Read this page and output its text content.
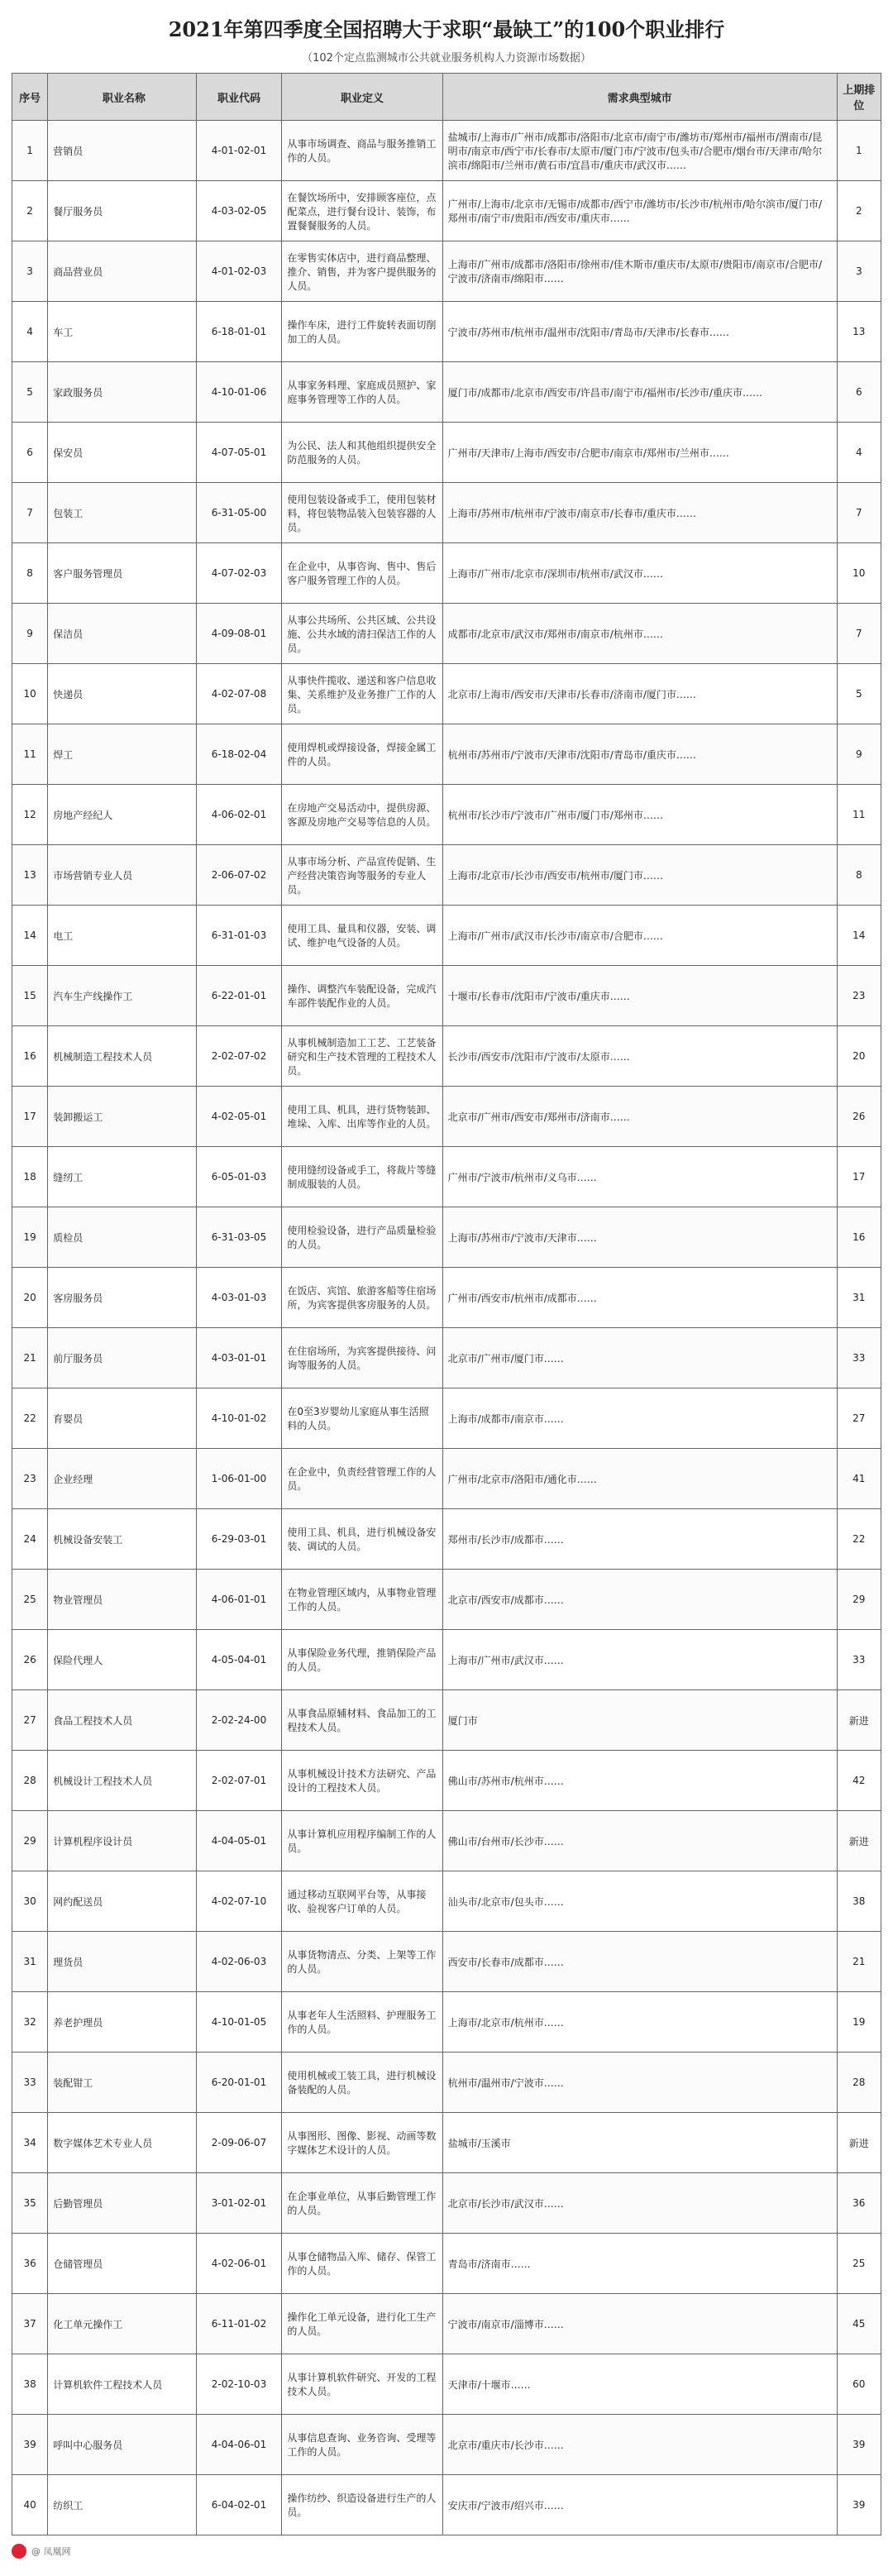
2021年第四季度全国招聘大于求职“最缺工”的100个职业排行
（102个定点监测城市公共就业服务机构人力资源市场数据）
序号	职业名称	职业代码	职业定义	需求典型城市	上期排位
1	营销员	4-01-02-01	从事市场调查、商品与服务推销工作的人员。	盐城市/上海市/广州市/成都市/洛阳市/北京市/南宁市/潍坊市/郑州市/福州市/渭南市/昆明市/南京市/西宁市/长春市/太原市/厦门市/宁波市/包头市/合肥市/烟台市/天津市/哈尔滨市/绵阳市/兰州市/黄石市/宜昌市/重庆市/武汉市……	1
2	餐厅服务员	4-03-02-05	在餐饮场所中，安排顾客座位，点配菜点，进行餐台设计、装饰，布置餐餐服务的人员。	广州市/上海市/北京市/无锡市/成都市/西宁市/潍坊市/长沙市/杭州市/哈尔滨市/厦门市/郑州市/南宁市/贵阳市/西安市/重庆市……	2
3	商品营业员	4-01-02-03	在零售实体店中，进行商品整理、推介、销售，并为客户提供服务的人员。	上海市/广州市/成都市/洛阳市/徐州市/佳木斯市/重庆市/太原市/贵阳市/南京市/合肥市/宁波市/济南市/绵阳市……	3
4	车工	6-18-01-01	操作车床，进行工件旋转表面切削加工的人员。	宁波市/苏州市/杭州市/温州市/沈阳市/青岛市/天津市/长春市……	13
5	家政服务员	4-10-01-06	从事家务料理、家庭成员照护、家庭事务管理等工作的人员。	厦门市/成都市/北京市/西安市/许昌市/南宁市/福州市/长沙市/重庆市……	6
6	保安员	4-07-05-01	为公民、法人和其他组织提供安全防范服务的人员。	广州市/天津市/上海市/西安市/合肥市/南京市/郑州市/兰州市……	4
7	包装工	6-31-05-00	使用包装设备或手工，使用包装材料，将包装物品装入包装容器的人员。	上海市/苏州市/杭州市/宁波市/南京市/长春市/重庆市……	7
8	客户服务管理员	4-07-02-03	在企业中，从事咨询、售中、售后客户服务管理工作的人员。	上海市/广州市/北京市/深圳市/杭州市/武汉市……	10
9	保洁员	4-09-08-01	从事公共场所、公共区域、公共设施、公共水域的清扫保洁工作的人员。	成都市/北京市/武汉市/郑州市/南京市/杭州市……	7
10	快递员	4-02-07-08	从事快件揽收、递送和客户信息收集、关系维护及业务推广工作的人员。	北京市/上海市/西安市/天津市/长春市/济南市/厦门市……	5
11	焊工	6-18-02-04	使用焊机或焊接设备，焊接金属工件的人员。	杭州市/苏州市/宁波市/天津市/沈阳市/青岛市/重庆市……	9
12	房地产经纪人	4-06-02-01	在房地产交易活动中，提供房源、客源及房地产交易等信息的人员。	杭州市/长沙市/宁波市/广州市/厦门市/郑州市……	11
13	市场营销专业人员	2-06-07-02	从事市场分析、产品宣传促销、生产经营决策咨询等服务的专业人员。	上海市/北京市/长沙市/西安市/杭州市/厦门市……	8
14	电工	6-31-01-03	使用工具、量具和仪器，安装、调试、维护电气设备的人员。	上海市/广州市/武汉市/长沙市/南京市/合肥市……	14
15	汽车生产线操作工	6-22-01-01	操作、调整汽车装配设备，完成汽车部件装配作业的人员。	十堰市/长春市/沈阳市/宁波市/重庆市……	23
16	机械制造工程技术人员	2-02-07-02	从事机械制造加工工艺、工艺装备研究和生产技术管理的工程技术人员。	长沙市/西安市/沈阳市/宁波市/太原市……	20
17	装卸搬运工	4-02-05-01	使用工具、机具，进行货物装卸、堆垛、入库、出库等作业的人员。	北京市/广州市/西安市/郑州市/济南市……	26
18	缝纫工	6-05-01-03	使用缝纫设备或手工，将裁片等缝制成服装的人员。	广州市/宁波市/杭州市/义乌市……	17
19	质检员	6-31-03-05	使用检验设备，进行产品质量检验的人员。	上海市/苏州市/宁波市/天津市……	16
20	客房服务员	4-03-01-03	在饭店、宾馆、旅游客船等住宿场所，为宾客提供客房服务的人员。	广州市/西安市/杭州市/成都市……	31
21	前厅服务员	4-03-01-01	在住宿场所，为宾客提供接待、问询等服务的人员。	北京市/广州市/厦门市……	33
22	育婴员	4-10-01-02	在0至3岁婴幼儿家庭从事生活照料的人员。	上海市/成都市/南京市……	27
23	企业经理	1-06-01-00	在企业中，负责经营管理工作的人员。	广州市/北京市/洛阳市/通化市……	41
24	机械设备安装工	6-29-03-01	使用工具、机具，进行机械设备安装、调试的人员。	郑州市/长沙市/成都市……	22
25	物业管理员	4-06-01-01	在物业管理区域内，从事物业管理工作的人员。	北京市/西安市/成都市……	29
26	保险代理人	4-05-04-01	从事保险业务代理，推销保险产品的人员。	上海市/广州市/武汉市……	33
27	食品工程技术人员	2-02-24-00	从事食品原辅材料、食品加工的工程技术人员。	厦门市	新进
28	机械设计工程技术人员	2-02-07-01	从事机械设计技术方法研究、产品设计的工程技术人员。	佛山市/苏州市/杭州市……	42
29	计算机程序设计员	4-04-05-01	从事计算机应用程序编制工作的人员。	佛山市/台州市/长沙市……	新进
30	网约配送员	4-02-07-10	通过移动互联网平台等，从事接收、验视客户订单的人员。	汕头市/北京市/包头市……	38
31	理货员	4-02-06-03	从事货物清点、分类、上架等工作的人员。	西安市/长春市/成都市……	21
32	养老护理员	4-10-01-05	从事老年人生活照料、护理服务工作的人员。	上海市/北京市/杭州市……	19
33	装配钳工	6-20-01-01	使用机械或工装工具，进行机械设备装配的人员。	杭州市/温州市/宁波市……	28
34	数字媒体艺术专业人员	2-09-06-07	从事图形、图像、影视、动画等数字媒体艺术设计的人员。	盐城市/玉溪市	新进
35	后勤管理员	3-01-02-01	在企事业单位，从事后勤管理工作的人员。	北京市/长沙市/武汉市……	36
36	仓储管理员	4-02-06-01	从事仓储物品入库、储存、保管工作的人员。	青岛市/济南市……	25
37	化工单元操作工	6-11-01-02	操作化工单元设备，进行化工生产的人员。	宁波市/南京市/淄博市……	45
38	计算机软件工程技术人员	2-02-10-03	从事计算机软件研究、开发的工程技术人员。	天津市/十堰市……	60
39	呼叫中心服务员	4-04-06-01	从事信息查询、业务咨询、受理等工作的人员。	北京市/重庆市/长沙市……	39
40	纺织工	6-04-02-01	操作纺纱、织造设备进行生产的人员。	安庆市/宁波市/绍兴市……	39
@ 凤凰网
